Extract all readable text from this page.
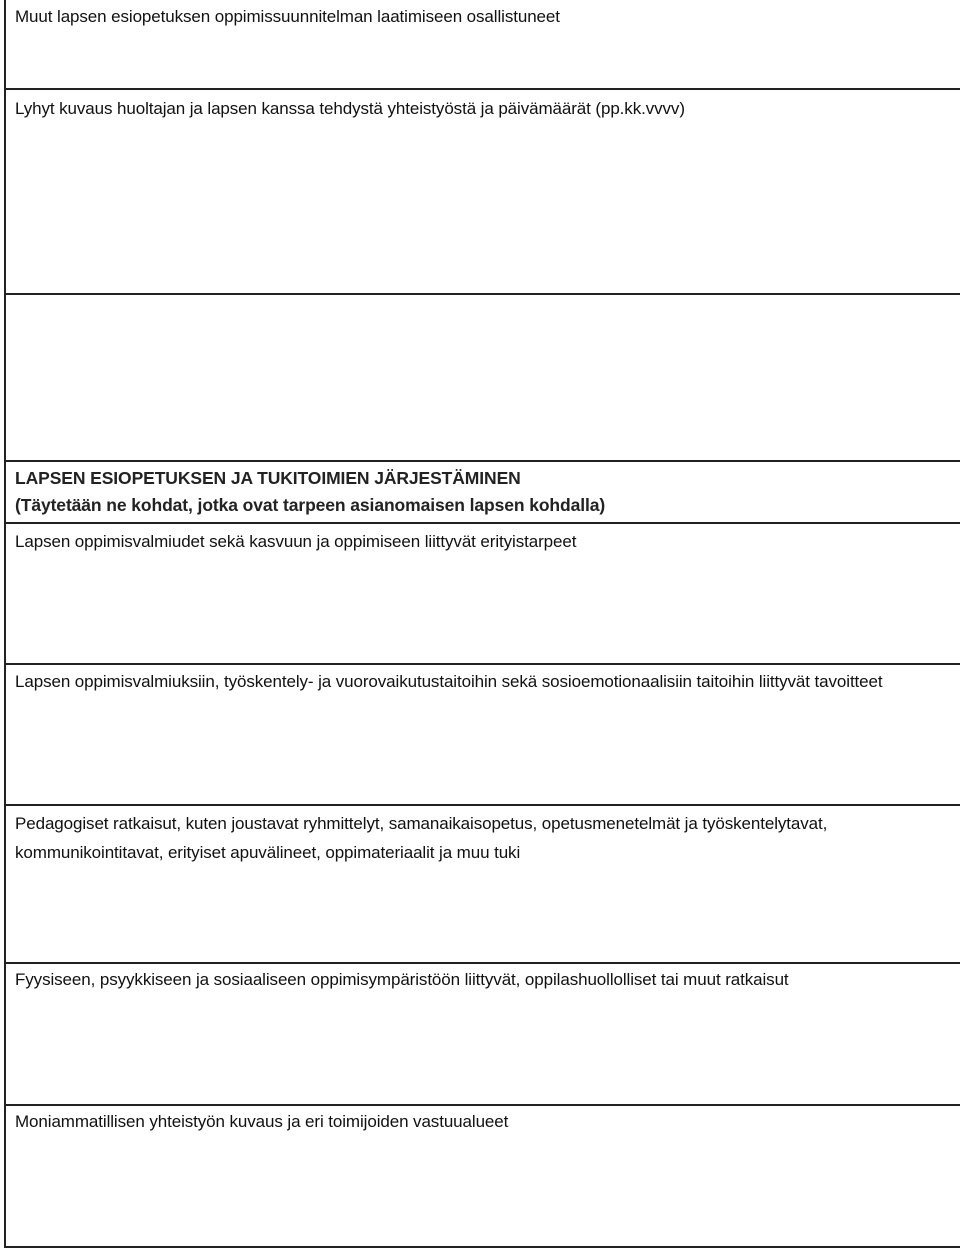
Muut lapsen esiopetuksen oppimissuunnitelman laatimiseen osallistuneet
Lyhyt kuvaus huoltajan ja lapsen kanssa tehdystä yhteistyöstä ja päivämäärät (pp.kk.vvvv)
LAPSEN ESIOPETUKSEN JA TUKITOIMIEN JÄRJESTÄMINEN
(Täytetään ne kohdat, jotka ovat tarpeen asianomaisen lapsen kohdalla)
Lapsen oppimisvalmiudet sekä kasvuun ja oppimiseen liittyvät erityistarpeet
Lapsen oppimisvalmiuksiin, työskentely- ja vuorovaikutustaitoihin sekä sosioemotionaalisiin taitoihin liittyvät tavoitteet
Pedagogiset ratkaisut, kuten joustavat ryhmittelyt, samanaikaisopetus, opetusmenetelmät ja työskentelytavat, kommunikointitavat, erityiset apuvälineet, oppimateriaalit ja muu tuki
Fyysiseen, psyykkiseen ja sosiaaliseen oppimisympäristöön liittyvät, oppilashuollolliset tai muut ratkaisut
Moniammatillisen yhteistyön kuvaus ja eri toimijoiden vastuualueet
